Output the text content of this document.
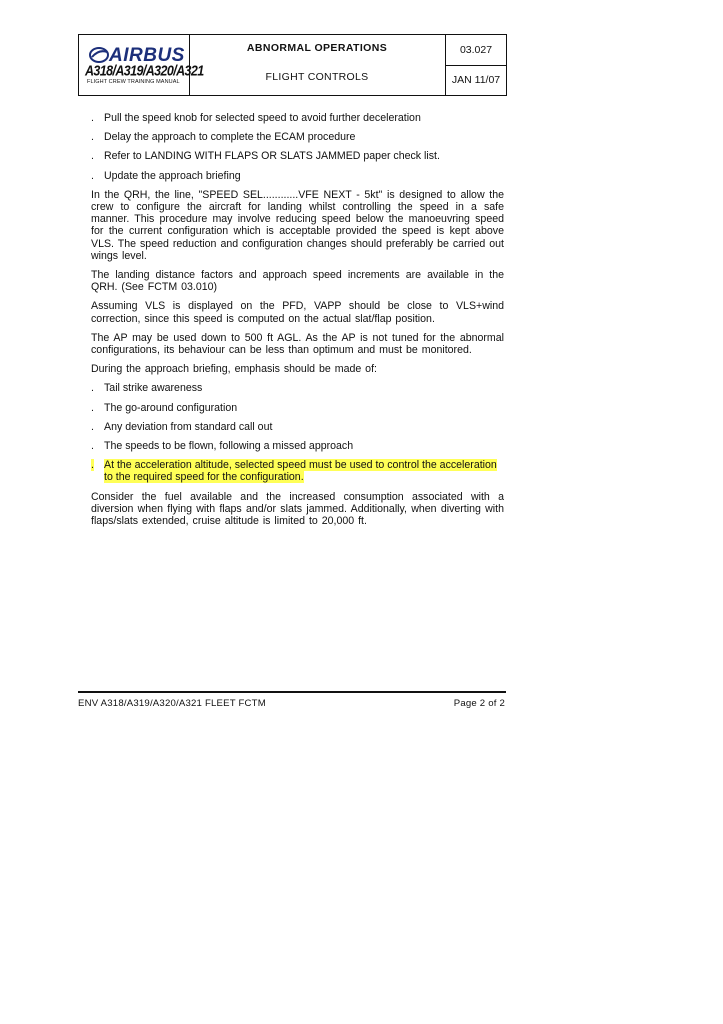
AIRBUS
A318/A319/A320/A321
FLIGHT CREW TRAINING MANUAL
ABNORMAL OPERATIONS
FLIGHT CONTROLS
03.027
JAN 11/07
. Pull the speed knob for selected speed to avoid further deceleration
. Delay the approach to complete the ECAM procedure
. Refer to LANDING WITH FLAPS OR SLATS JAMMED paper check list.
. Update the approach briefing
In the QRH, the line, "SPEED SEL............VFE NEXT - 5kt" is designed to allow the crew to configure the aircraft for landing whilst controlling the speed in a safe manner. This procedure may involve reducing speed below the manoeuvring speed for the current configuration which is acceptable provided the speed is kept above VLS. The speed reduction and configuration changes should preferably be carried out wings level.
The landing distance factors and approach speed increments are available in the QRH. (See FCTM 03.010)
Assuming VLS is displayed on the PFD, VAPP should be close to VLS+wind correction, since this speed is computed on the actual slat/flap position.
The AP may be used down to 500 ft AGL. As the AP is not tuned for the abnormal configurations, its behaviour can be less than optimum and must be monitored.
During the approach briefing, emphasis should be made of:
. Tail strike awareness
. The go-around configuration
. Any deviation from standard call out
. The speeds to be flown, following a missed approach
. At the acceleration altitude, selected speed must be used to control the acceleration to the required speed for the configuration.
Consider the fuel available and the increased consumption associated with a diversion when flying with flaps and/or slats jammed. Additionally, when diverting with flaps/slats extended, cruise altitude is limited to 20,000 ft.
ENV A318/A319/A320/A321 FLEET FCTM	Page 2 of 2
